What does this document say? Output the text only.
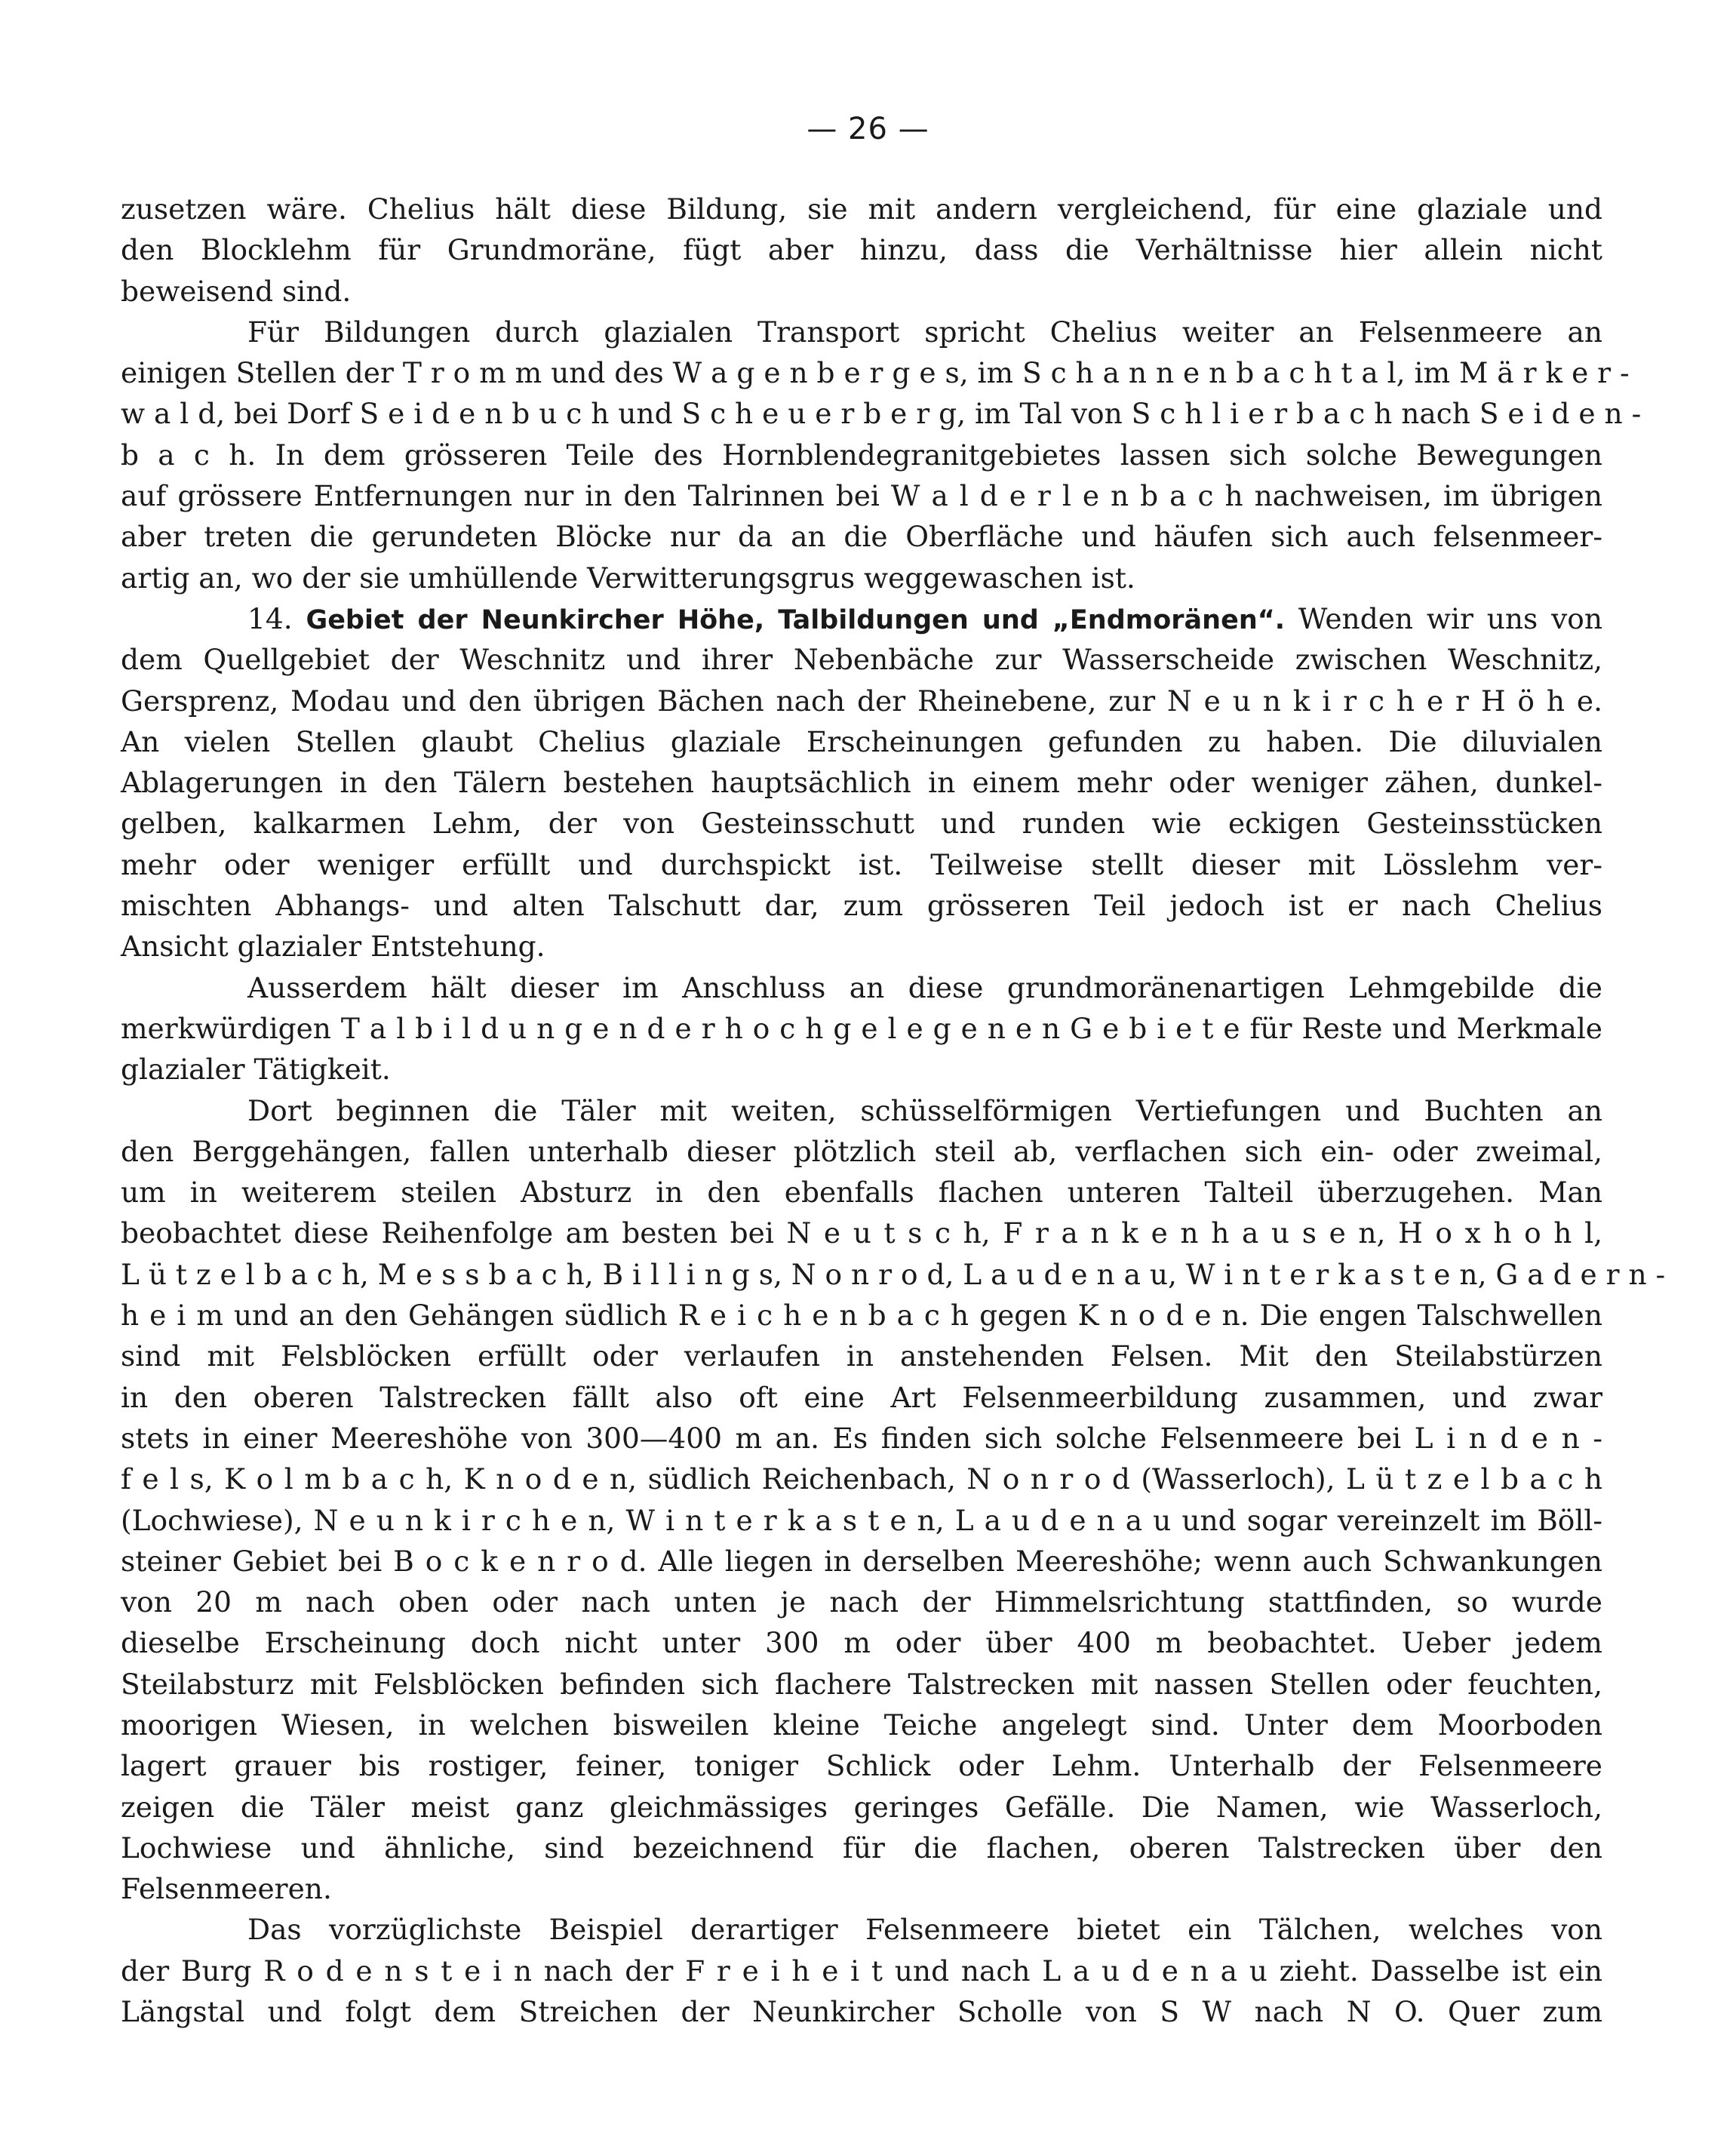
— 26 —
zusetzen wäre. Chelius hält diese Bildung, sie mit andern vergleichend, für eine glaziale und
den Blocklehm für Grundmoräne, fügt aber hinzu, dass die Verhältnisse hier allein nicht
beweisend sind.
Für Bildungen durch glazialen Transport spricht Chelius weiter an Felsenmeere an
einigen Stellen der T r o m m und des W a g e n b e r g e s, im S c h a n n e n b a c h t a l, im M ä r k e r -
w a l d, bei Dorf S e i d e n b u c h und S c h e u e r b e r g, im Tal von S c h l i e r b a c h nach S e i d e n -
b a c h. In dem grösseren Teile des Hornblendegranitgebietes lassen sich solche Bewegungen
auf grössere Entfernungen nur in den Talrinnen bei W a l d e r l e n b a c h nachweisen, im übrigen
aber treten die gerundeten Blöcke nur da an die Oberfläche und häufen sich auch felsenmeer-
artig an, wo der sie umhüllende Verwitterungsgrus weggewaschen ist.
14. Gebiet der Neunkircher Höhe, Talbildungen und „Endmoränen“. Wenden wir uns von
dem Quellgebiet der Weschnitz und ihrer Nebenbäche zur Wasserscheide zwischen Weschnitz,
Gersprenz, Modau und den übrigen Bächen nach der Rheinebene, zur N e u n k i r c h e r H ö h e.
An vielen Stellen glaubt Chelius glaziale Erscheinungen gefunden zu haben. Die diluvialen
Ablagerungen in den Tälern bestehen hauptsächlich in einem mehr oder weniger zähen, dunkel-
gelben, kalkarmen Lehm, der von Gesteinsschutt und runden wie eckigen Gesteinsstücken
mehr oder weniger erfüllt und durchspickt ist. Teilweise stellt dieser mit Lösslehm ver-
mischten Abhangs- und alten Talschutt dar, zum grösseren Teil jedoch ist er nach Chelius
Ansicht glazialer Entstehung.
Ausserdem hält dieser im Anschluss an diese grundmoränenartigen Lehmgebilde die
merkwürdigen T a l b i l d u n g e n d e r h o c h g e l e g e n e n G e b i e t e für Reste und Merkmale
glazialer Tätigkeit.
Dort beginnen die Täler mit weiten, schüsselförmigen Vertiefungen und Buchten an
den Berggehängen, fallen unterhalb dieser plötzlich steil ab, verflachen sich ein- oder zweimal,
um in weiterem steilen Absturz in den ebenfalls flachen unteren Talteil überzugehen. Man
beobachtet diese Reihenfolge am besten bei N e u t s c h, F r a n k e n h a u s e n, H o x h o h l,
L ü t z e l b a c h, M e s s b a c h, B i l l i n g s, N o n r o d, L a u d e n a u, W i n t e r k a s t e n, G a d e r n -
h e i m und an den Gehängen südlich R e i c h e n b a c h gegen K n o d e n. Die engen Talschwellen
sind mit Felsblöcken erfüllt oder verlaufen in anstehenden Felsen. Mit den Steilabstürzen
in den oberen Talstrecken fällt also oft eine Art Felsenmeerbildung zusammen, und zwar
stets in einer Meereshöhe von 300—400 m an. Es finden sich solche Felsenmeere bei L i n d e n -
f e l s, K o l m b a c h, K n o d e n, südlich Reichenbach, N o n r o d (Wasserloch), L ü t z e l b a c h
(Lochwiese), N e u n k i r c h e n, W i n t e r k a s t e n, L a u d e n a u und sogar vereinzelt im Böll-
steiner Gebiet bei B o c k e n r o d. Alle liegen in derselben Meereshöhe; wenn auch Schwankungen
von 20 m nach oben oder nach unten je nach der Himmelsrichtung stattfinden, so wurde
dieselbe Erscheinung doch nicht unter 300 m oder über 400 m beobachtet. Ueber jedem
Steilabsturz mit Felsblöcken befinden sich flachere Talstrecken mit nassen Stellen oder feuchten,
moorigen Wiesen, in welchen bisweilen kleine Teiche angelegt sind. Unter dem Moorboden
lagert grauer bis rostiger, feiner, toniger Schlick oder Lehm. Unterhalb der Felsenmeere
zeigen die Täler meist ganz gleichmässiges geringes Gefälle. Die Namen, wie Wasserloch,
Lochwiese und ähnliche, sind bezeichnend für die flachen, oberen Talstrecken über den
Felsenmeeren.
Das vorzüglichste Beispiel derartiger Felsenmeere bietet ein Tälchen, welches von
der Burg R o d e n s t e i n nach der F r e i h e i t und nach L a u d e n a u zieht. Dasselbe ist ein
Längstal und folgt dem Streichen der Neunkircher Scholle von S W nach N O. Quer zum
